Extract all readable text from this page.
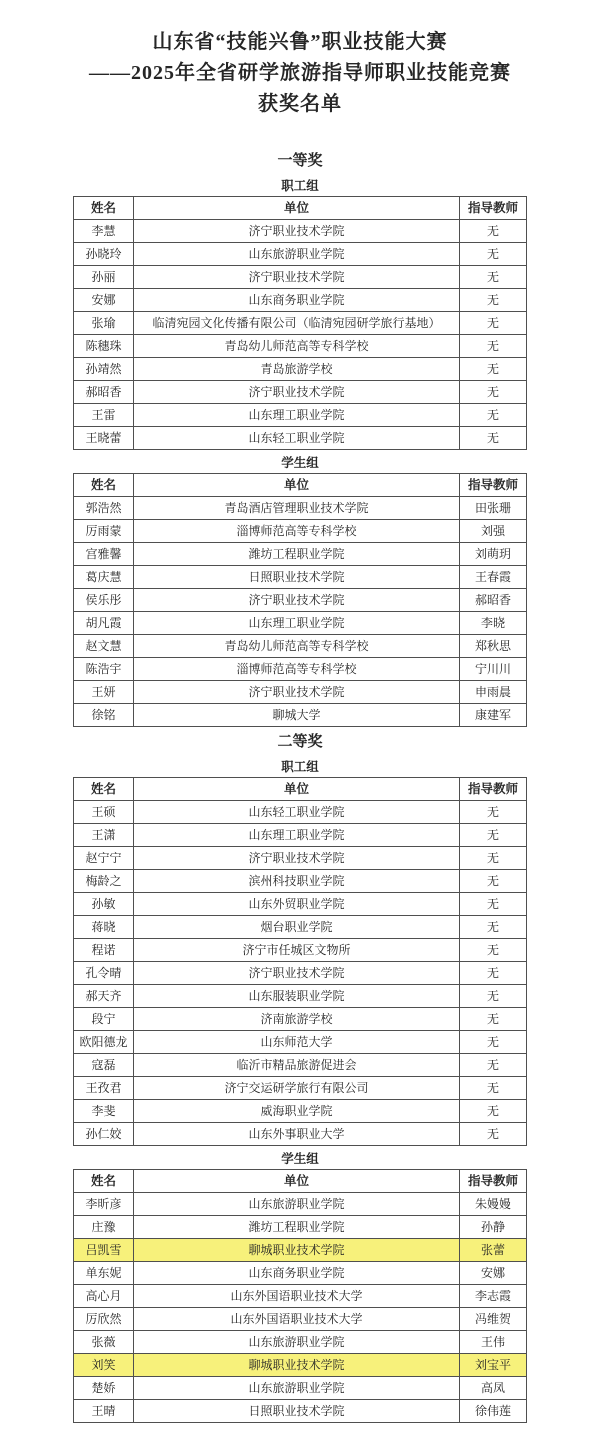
山东省“技能兴鲁”职业技能大赛
——2025年全省研学旅游指导师职业技能竞赛
获奖名单
一等奖
职工组
姓名	单位	指导教师
李慧	济宁职业技术学院	无
孙晓玲	山东旅游职业学院	无
孙丽	济宁职业技术学院	无
安娜	山东商务职业学院	无
张瑜	临清宛园文化传播有限公司（临清宛园研学旅行基地）	无
陈穗珠	青岛幼儿师范高等专科学校	无
孙靖然	青岛旅游学校	无
郝昭香	济宁职业技术学院	无
王雷	山东理工职业学院	无
王晓蕾	山东轻工职业学院	无
学生组
姓名	单位	指导教师
郭浩然	青岛酒店管理职业技术学院	田张珊
厉雨蒙	淄博师范高等专科学校	刘强
宫雅馨	潍坊工程职业学院	刘萌玥
葛庆慧	日照职业技术学院	王春霞
侯乐彤	济宁职业技术学院	郝昭香
胡凡霞	山东理工职业学院	李晓
赵文慧	青岛幼儿师范高等专科学校	郑秋思
陈浩宇	淄博师范高等专科学校	宁川川
王妍	济宁职业技术学院	申雨晨
徐铭	聊城大学	康建军
二等奖
职工组
姓名	单位	指导教师
王硕	山东轻工职业学院	无
王潇	山东理工职业学院	无
赵宁宁	济宁职业技术学院	无
梅龄之	滨州科技职业学院	无
孙敏	山东外贸职业学院	无
蒋晓	烟台职业学院	无
程诺	济宁市任城区文物所	无
孔令晴	济宁职业技术学院	无
郝天齐	山东服装职业学院	无
段宁	济南旅游学校	无
欧阳德龙	山东师范大学	无
寇磊	临沂市精品旅游促进会	无
王孜君	济宁交运研学旅行有限公司	无
李斐	威海职业学院	无
孙仁姣	山东外事职业大学	无
学生组
姓名	单位	指导教师
李昕彦	山东旅游职业学院	朱嫚嫚
庄豫	潍坊工程职业学院	孙静
吕凯雪	聊城职业技术学院	张蕾
单东妮	山东商务职业学院	安娜
高心月	山东外国语职业技术大学	李志霞
厉欣然	山东外国语职业技术大学	冯维贺
张薇	山东旅游职业学院	王伟
刘笑	聊城职业技术学院	刘宝平
楚娇	山东旅游职业学院	高凤
王晴	日照职业技术学院	徐伟莲
